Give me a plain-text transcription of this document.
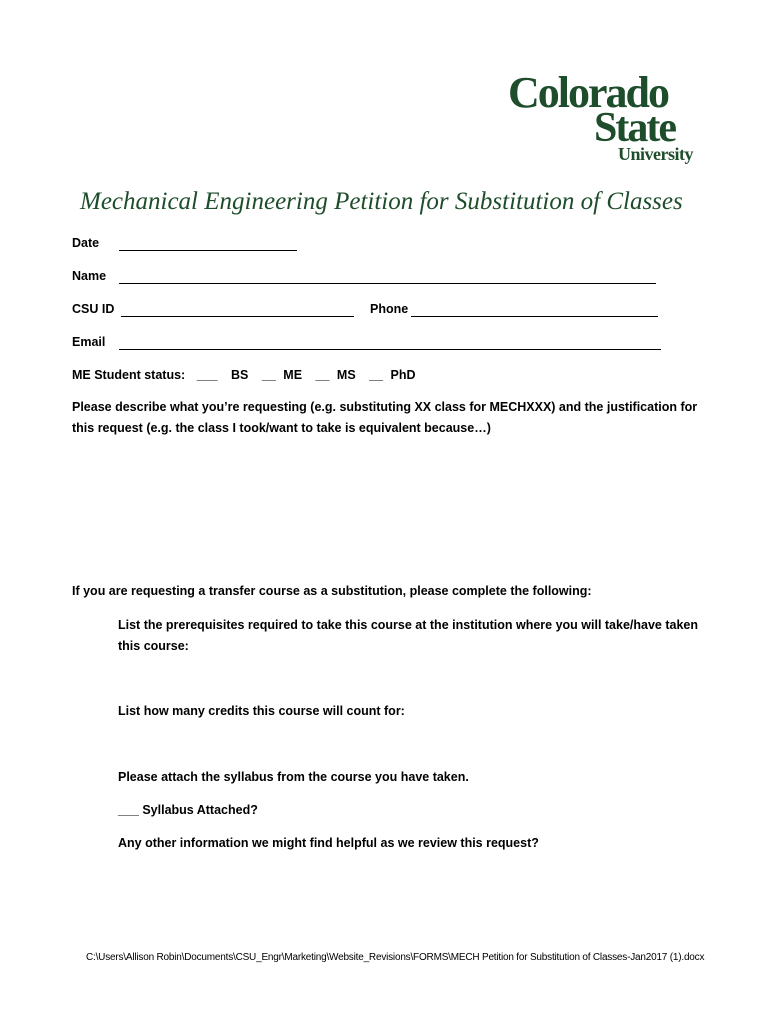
Colorado
State
University
Mechanical Engineering Petition for Substitution of Classes
Date
Name
CSU ID	Phone
Email
ME Student status: ___ BS __ ME __ MS __ PhD
Please describe what you’re requesting (e.g. substituting XX class for MECHXXX) and the justification for this request (e.g. the class I took/want to take is equivalent because…)
If you are requesting a transfer course as a substitution, please complete the following:
List the prerequisites required to take this course at the institution where you will take/have taken this course:
List how many credits this course will count for:
Please attach the syllabus from the course you have taken.
___ Syllabus Attached?
Any other information we might find helpful as we review this request?
C:\Users\Allison Robin\Documents\CSU_Engr\Marketing\Website_Revisions\FORMS\MECH Petition for Substitution of Classes-Jan2017 (1).docx
